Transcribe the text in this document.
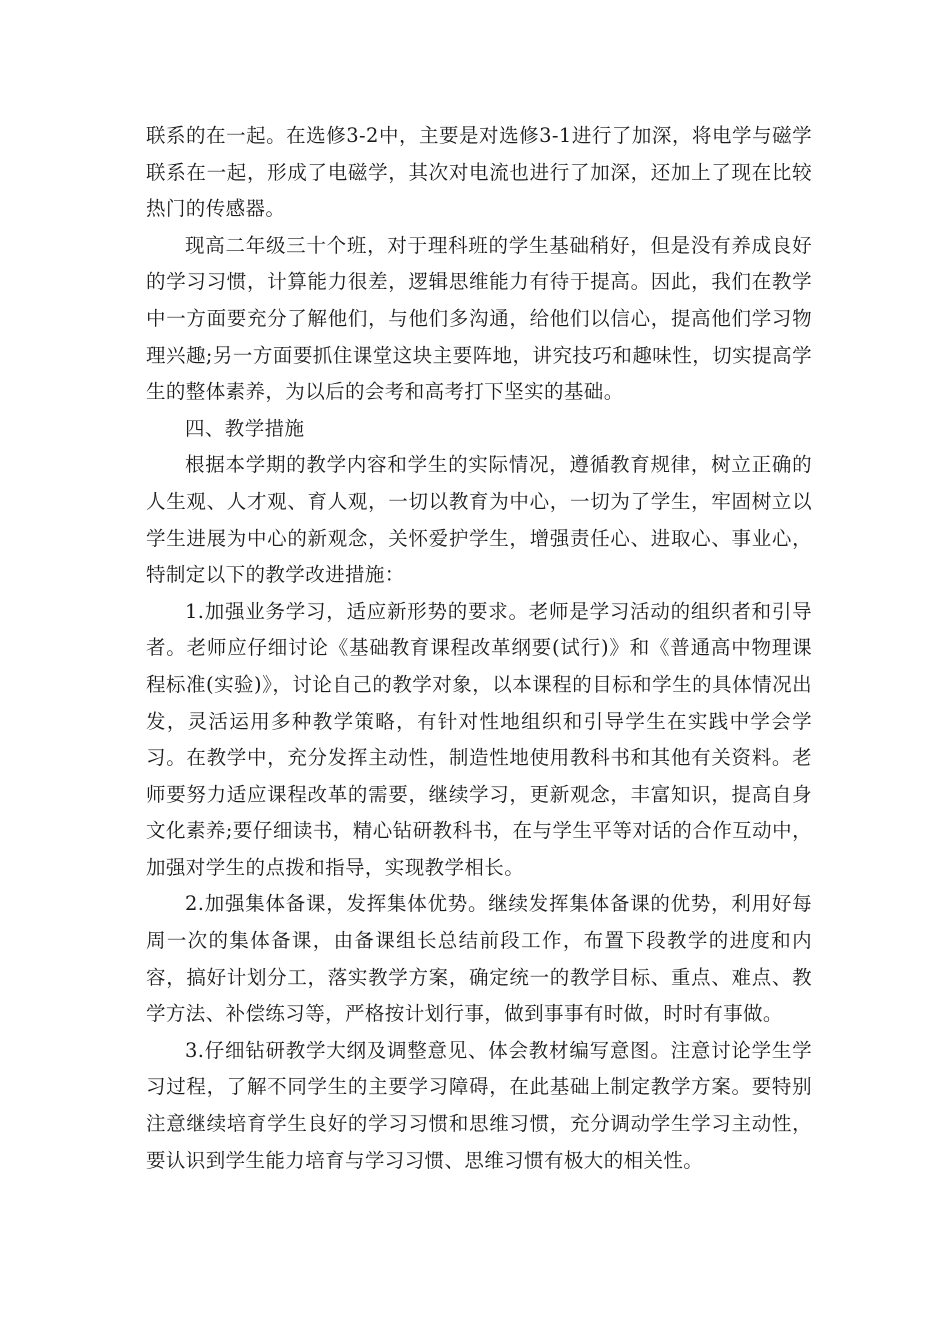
联系的在一起。在选修3-2中，主要是对选修3-1进行了加深，将电学与磁学联系在一起，形成了电磁学，其次对电流也进行了加深，还加上了现在比较热门的传感器。

现高二年级三十个班，对于理科班的学生基础稍好，但是没有养成良好的学习习惯，计算能力很差，逻辑思维能力有待于提高。因此，我们在教学中一方面要充分了解他们，与他们多沟通，给他们以信心，提高他们学习物理兴趣;另一方面要抓住课堂这块主要阵地，讲究技巧和趣味性，切实提高学生的整体素养，为以后的会考和高考打下坚实的基础。

四、教学措施

根据本学期的教学内容和学生的实际情况，遵循教育规律，树立正确的人生观、人才观、育人观，一切以教育为中心，一切为了学生，牢固树立以学生进展为中心的新观念，关怀爱护学生，增强责任心、进取心、事业心，特制定以下的教学改进措施：

1.加强业务学习，适应新形势的要求。老师是学习活动的组织者和引导者。老师应仔细讨论《基础教育课程改革纲要(试行)》和《普通高中物理课程标准(实验)》，讨论自己的教学对象，以本课程的目标和学生的具体情况出发，灵活运用多种教学策略，有针对性地组织和引导学生在实践中学会学习。在教学中，充分发挥主动性，制造性地使用教科书和其他有关资料。老师要努力适应课程改革的需要，继续学习，更新观念，丰富知识，提高自身文化素养;要仔细读书，精心钻研教科书，在与学生平等对话的合作互动中，加强对学生的点拨和指导，实现教学相长。

2.加强集体备课，发挥集体优势。继续发挥集体备课的优势，利用好每周一次的集体备课，由备课组长总结前段工作，布置下段教学的进度和内容，搞好计划分工，落实教学方案，确定统一的教学目标、重点、难点、教学方法、补偿练习等，严格按计划行事，做到事事有时做，时时有事做。

3.仔细钻研教学大纲及调整意见、体会教材编写意图。注意讨论学生学习过程，了解不同学生的主要学习障碍，在此基础上制定教学方案。要特别注意继续培育学生良好的学习习惯和思维习惯，充分调动学生学习主动性，要认识到学生能力培育与学习习惯、思维习惯有极大的相关性。
